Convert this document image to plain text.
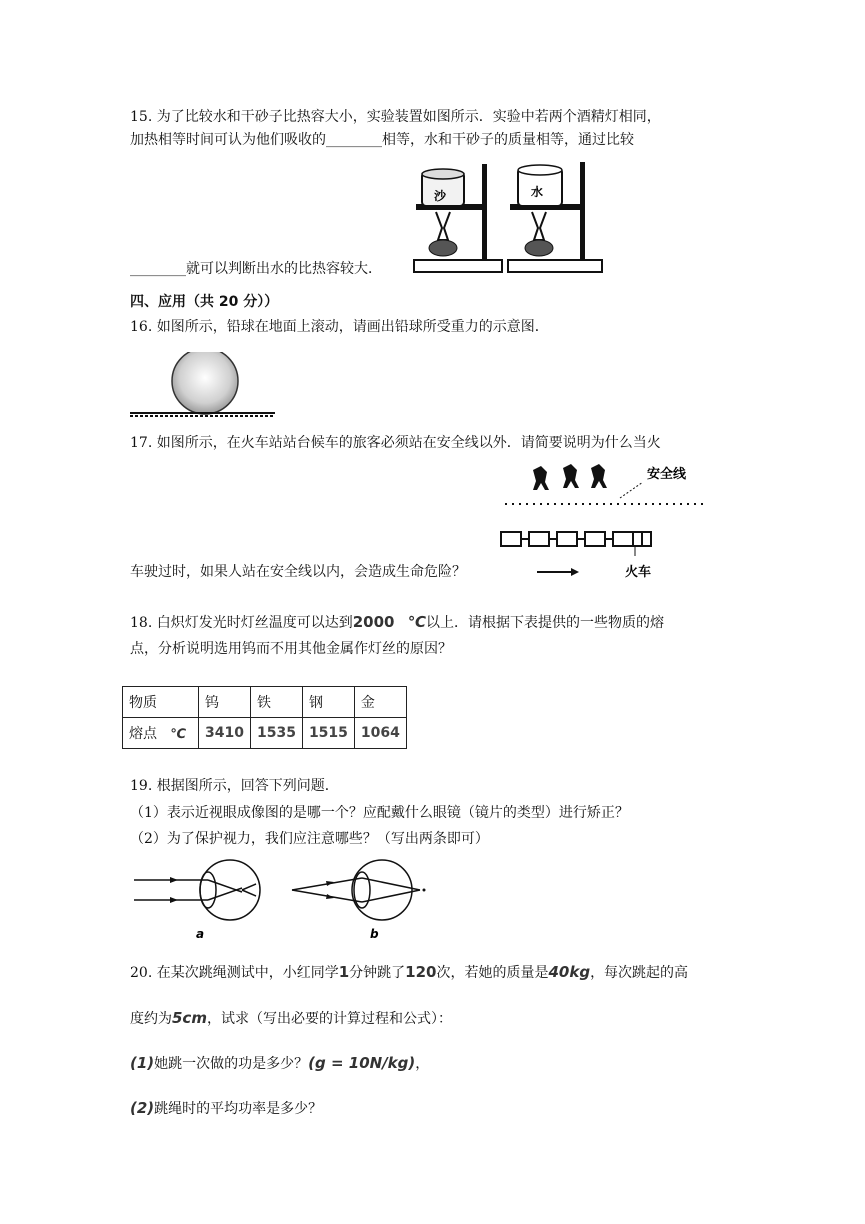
15. 为了比较水和干砂子比热容大小，实验装置如图所示．实验中若两个酒精灯相同，
加热相等时间可认为他们吸收的________相等，水和干砂子的质量相等，通过比较
沙	水
________就可以判断出水的比热容较大．
四、应用（共 20 分））
16. 如图所示，铅球在地面上滚动，请画出铅球所受重力的示意图．
17. 如图所示，在火车站站台候车的旅客必须站在安全线以外．请简要说明为什么当火
安全线
火车
车驶过时，如果人站在安全线以内，会造成生命危险？
18. 白炽灯发光时灯丝温度可以达到2000 ℃以上．请根据下表提供的一些物质的熔
点，分析说明选用钨而不用其他金属作灯丝的原因？
物质	钨	铁	钢	金
熔点 ℃	3410	1535	1515	1064
19. 根据图所示，回答下列问题．
（1）表示近视眼成像图的是哪一个？应配戴什么眼镜（镜片的类型）进行矫正？
（2）为了保护视力，我们应注意哪些？（写出两条即可）
a	b
20. 在某次跳绳测试中，小红同学1分钟跳了120次，若她的质量是40kg，每次跳起的高
度约为5cm，试求（写出必要的计算过程和公式）：
(1)她跳一次做的功是多少？(g = 10N/kg)，
(2)跳绳时的平均功率是多少？
